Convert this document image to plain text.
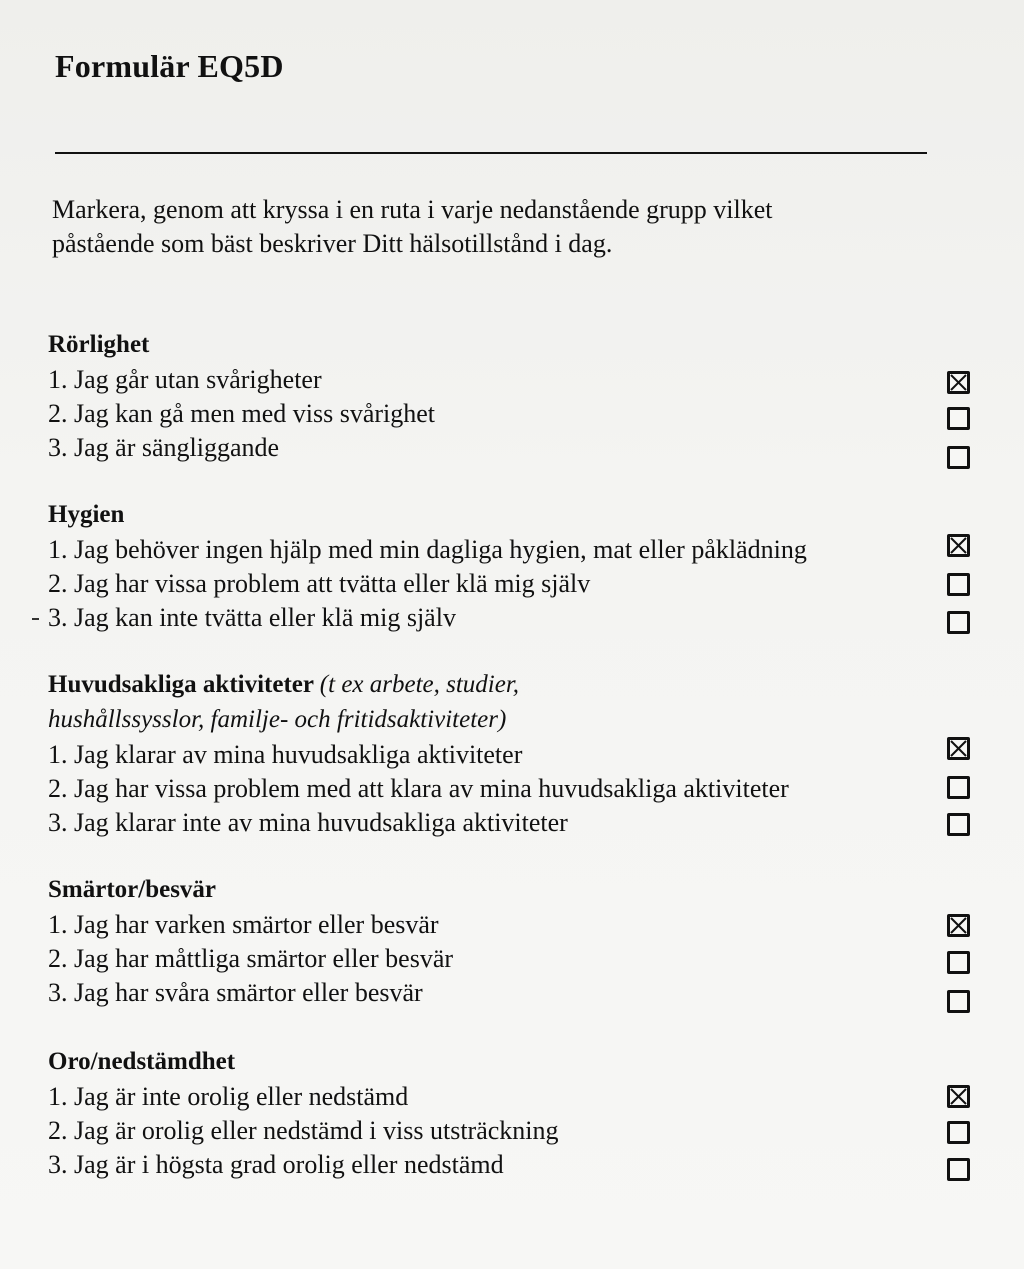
Formulär EQ5D
Markera, genom att kryssa i en ruta i varje nedanstående grupp vilket
påstående som bäst beskriver Ditt hälsotillstånd i dag.
Rörlighet
1. Jag går utan svårigheter
2. Jag kan gå men med viss svårighet
3. Jag är sängliggande
Hygien
1. Jag behöver ingen hjälp med min dagliga hygien, mat eller påklädning
2. Jag har vissa problem att tvätta eller klä mig själv
3. Jag kan inte tvätta eller klä mig själv
Huvudsakliga aktiviteter (t ex arbete, studier,
hushållssysslor, familje- och fritidsaktiviteter)
1. Jag klarar av mina huvudsakliga aktiviteter
2. Jag har vissa problem med att klara av mina huvudsakliga aktiviteter
3. Jag klarar inte av mina huvudsakliga aktiviteter
Smärtor/besvär
1. Jag har varken smärtor eller besvär
2. Jag har måttliga smärtor eller besvär
3. Jag har svåra smärtor eller besvär
Oro/nedstämdhet
1. Jag är inte orolig eller nedstämd
2. Jag är orolig eller nedstämd i viss utsträckning
3. Jag är i högsta grad orolig eller nedstämd
